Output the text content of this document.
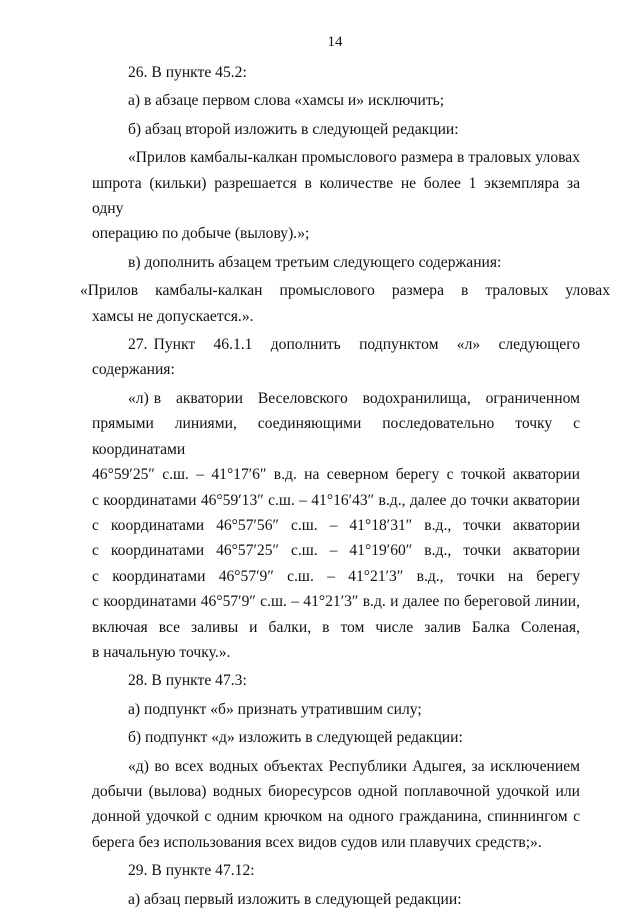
14

26. В пункте 45.2:

а) в абзаце первом слова «хамсы и» исключить;

б) абзац второй изложить в следующей редакции:

«Прилов камбалы-калкан промыслового размера в траловых уловах
шпрота (кильки) разрешается в количестве не более 1 экземпляра за одну
операцию по добыче (вылову).»;

в) дополнить абзацем третьим следующего содержания:

«Прилов камбалы-калкан промыслового размера в траловых уловах
хамсы не допускается.».

27. Пункт   46.1.1   дополнить   подпунктом   «л»   следующего
содержания:

«л) в   акватории   Веселовского   водохранилища,   ограниченном
прямыми линиями, соединяющими последовательно точку с координатами
46°59′25″ с.ш. – 41°17′6″ в.д. на северном берегу с точкой акватории
с координатами 46°59′13″ с.ш. – 41°16′43″ в.д., далее до точки акватории
с   координатами   46°57′56″   с.ш.   –   41°18′31″   в.д.,   точки   акватории
с   координатами   46°57′25″   с.ш.   –   41°19′60″   в.д.,   точки   акватории
с   координатами   46°57′9″   с.ш.   –   41°21′3″   в.д.,   точки   на   берегу
с координатами 46°57′9″ с.ш. – 41°21′3″ в.д. и далее по береговой линии,
включая все заливы и балки, в том числе залив Балка Соленая,
в начальную точку.».

28. В пункте 47.3:

а) подпункт «б» признать утратившим силу;

б) подпункт «д» изложить в следующей редакции:

«д) во всех водных объектах Республики Адыгея, за исключением
добычи (вылова) водных биоресурсов одной поплавочной удочкой или
донной удочкой с одним крючком на одного гражданина, спиннингом с
берега без использования всех видов судов или плавучих средств;».

29. В пункте 47.12:

а) абзац первый изложить в следующей редакции:
